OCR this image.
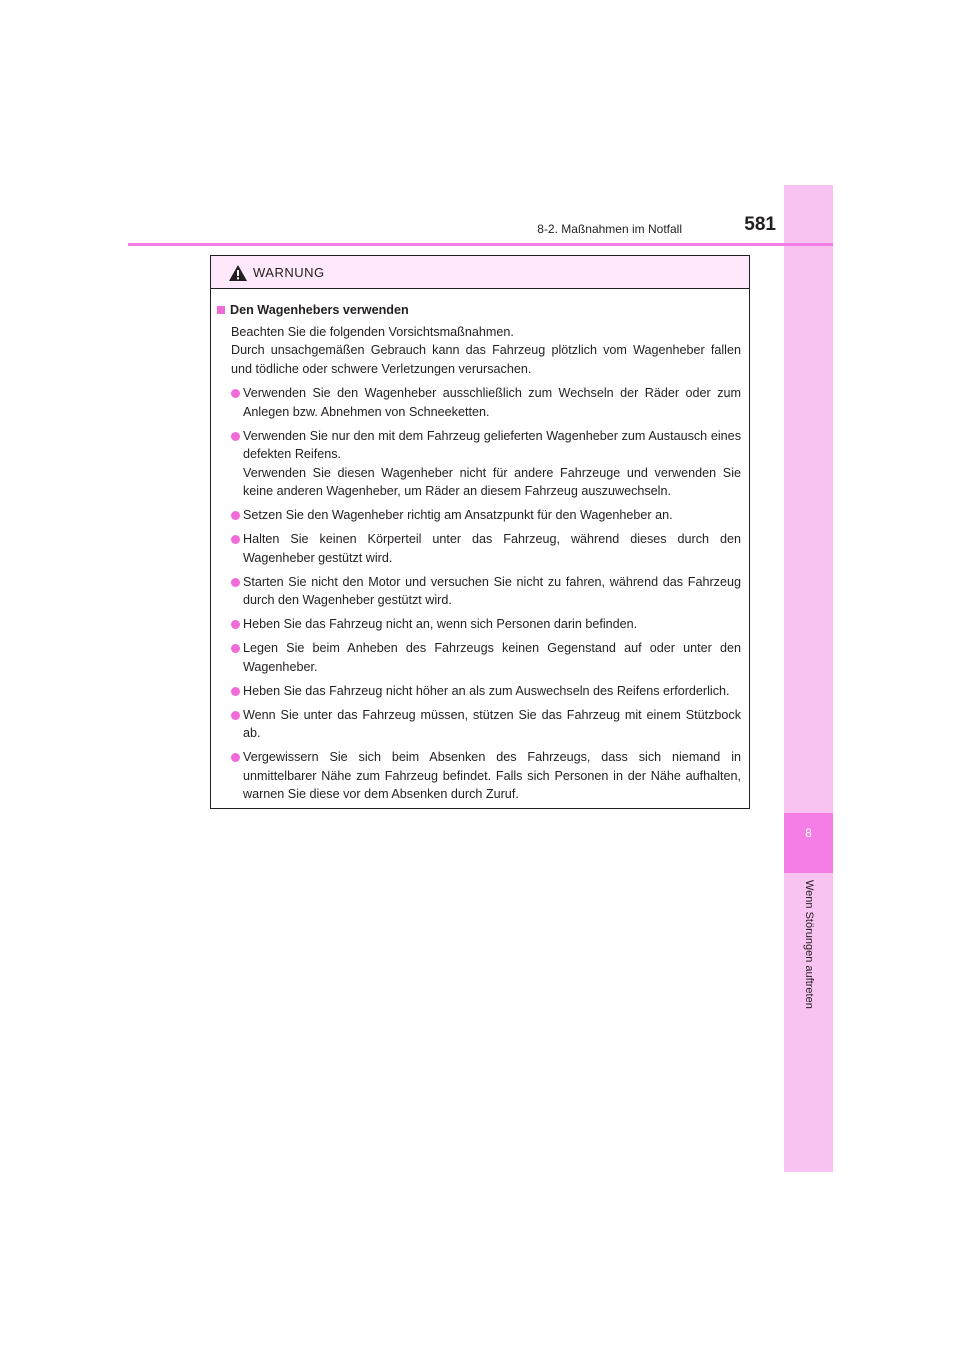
8
Wenn Störungen auftreten
8-2. Maßnahmen im Notfall	581
WARNUNG
Den Wagenhebers verwenden

Beachten Sie die folgenden Vorsichtsmaßnahmen.

Durch unsachgemäßen Gebrauch kann das Fahrzeug plötzlich vom Wagenheber fallen und tödliche oder schwere Verletzungen verursachen.

Verwenden Sie den Wagenheber ausschließlich zum Wechseln der Räder oder zum Anlegen bzw. Abnehmen von Schneeketten.

Verwenden Sie nur den mit dem Fahrzeug gelieferten Wagenheber zum Austausch eines defekten Reifens.

Verwenden Sie diesen Wagenheber nicht für andere Fahrzeuge und verwenden Sie keine anderen Wagenheber, um Räder an diesem Fahrzeug auszuwechseln.

Setzen Sie den Wagenheber richtig am Ansatzpunkt für den Wagenheber an.

Halten Sie keinen Körperteil unter das Fahrzeug, während dieses durch den Wagenheber gestützt wird.

Starten Sie nicht den Motor und versuchen Sie nicht zu fahren, während das Fahrzeug durch den Wagenheber gestützt wird.

Heben Sie das Fahrzeug nicht an, wenn sich Personen darin befinden.

Legen Sie beim Anheben des Fahrzeugs keinen Gegenstand auf oder unter den Wagenheber.

Heben Sie das Fahrzeug nicht höher an als zum Auswechseln des Reifens erforderlich.

Wenn Sie unter das Fahrzeug müssen, stützen Sie das Fahrzeug mit einem Stützbock ab.

Vergewissern Sie sich beim Absenken des Fahrzeugs, dass sich niemand in unmittelbarer Nähe zum Fahrzeug befindet. Falls sich Personen in der Nähe aufhalten, warnen Sie diese vor dem Absenken durch Zuruf.
